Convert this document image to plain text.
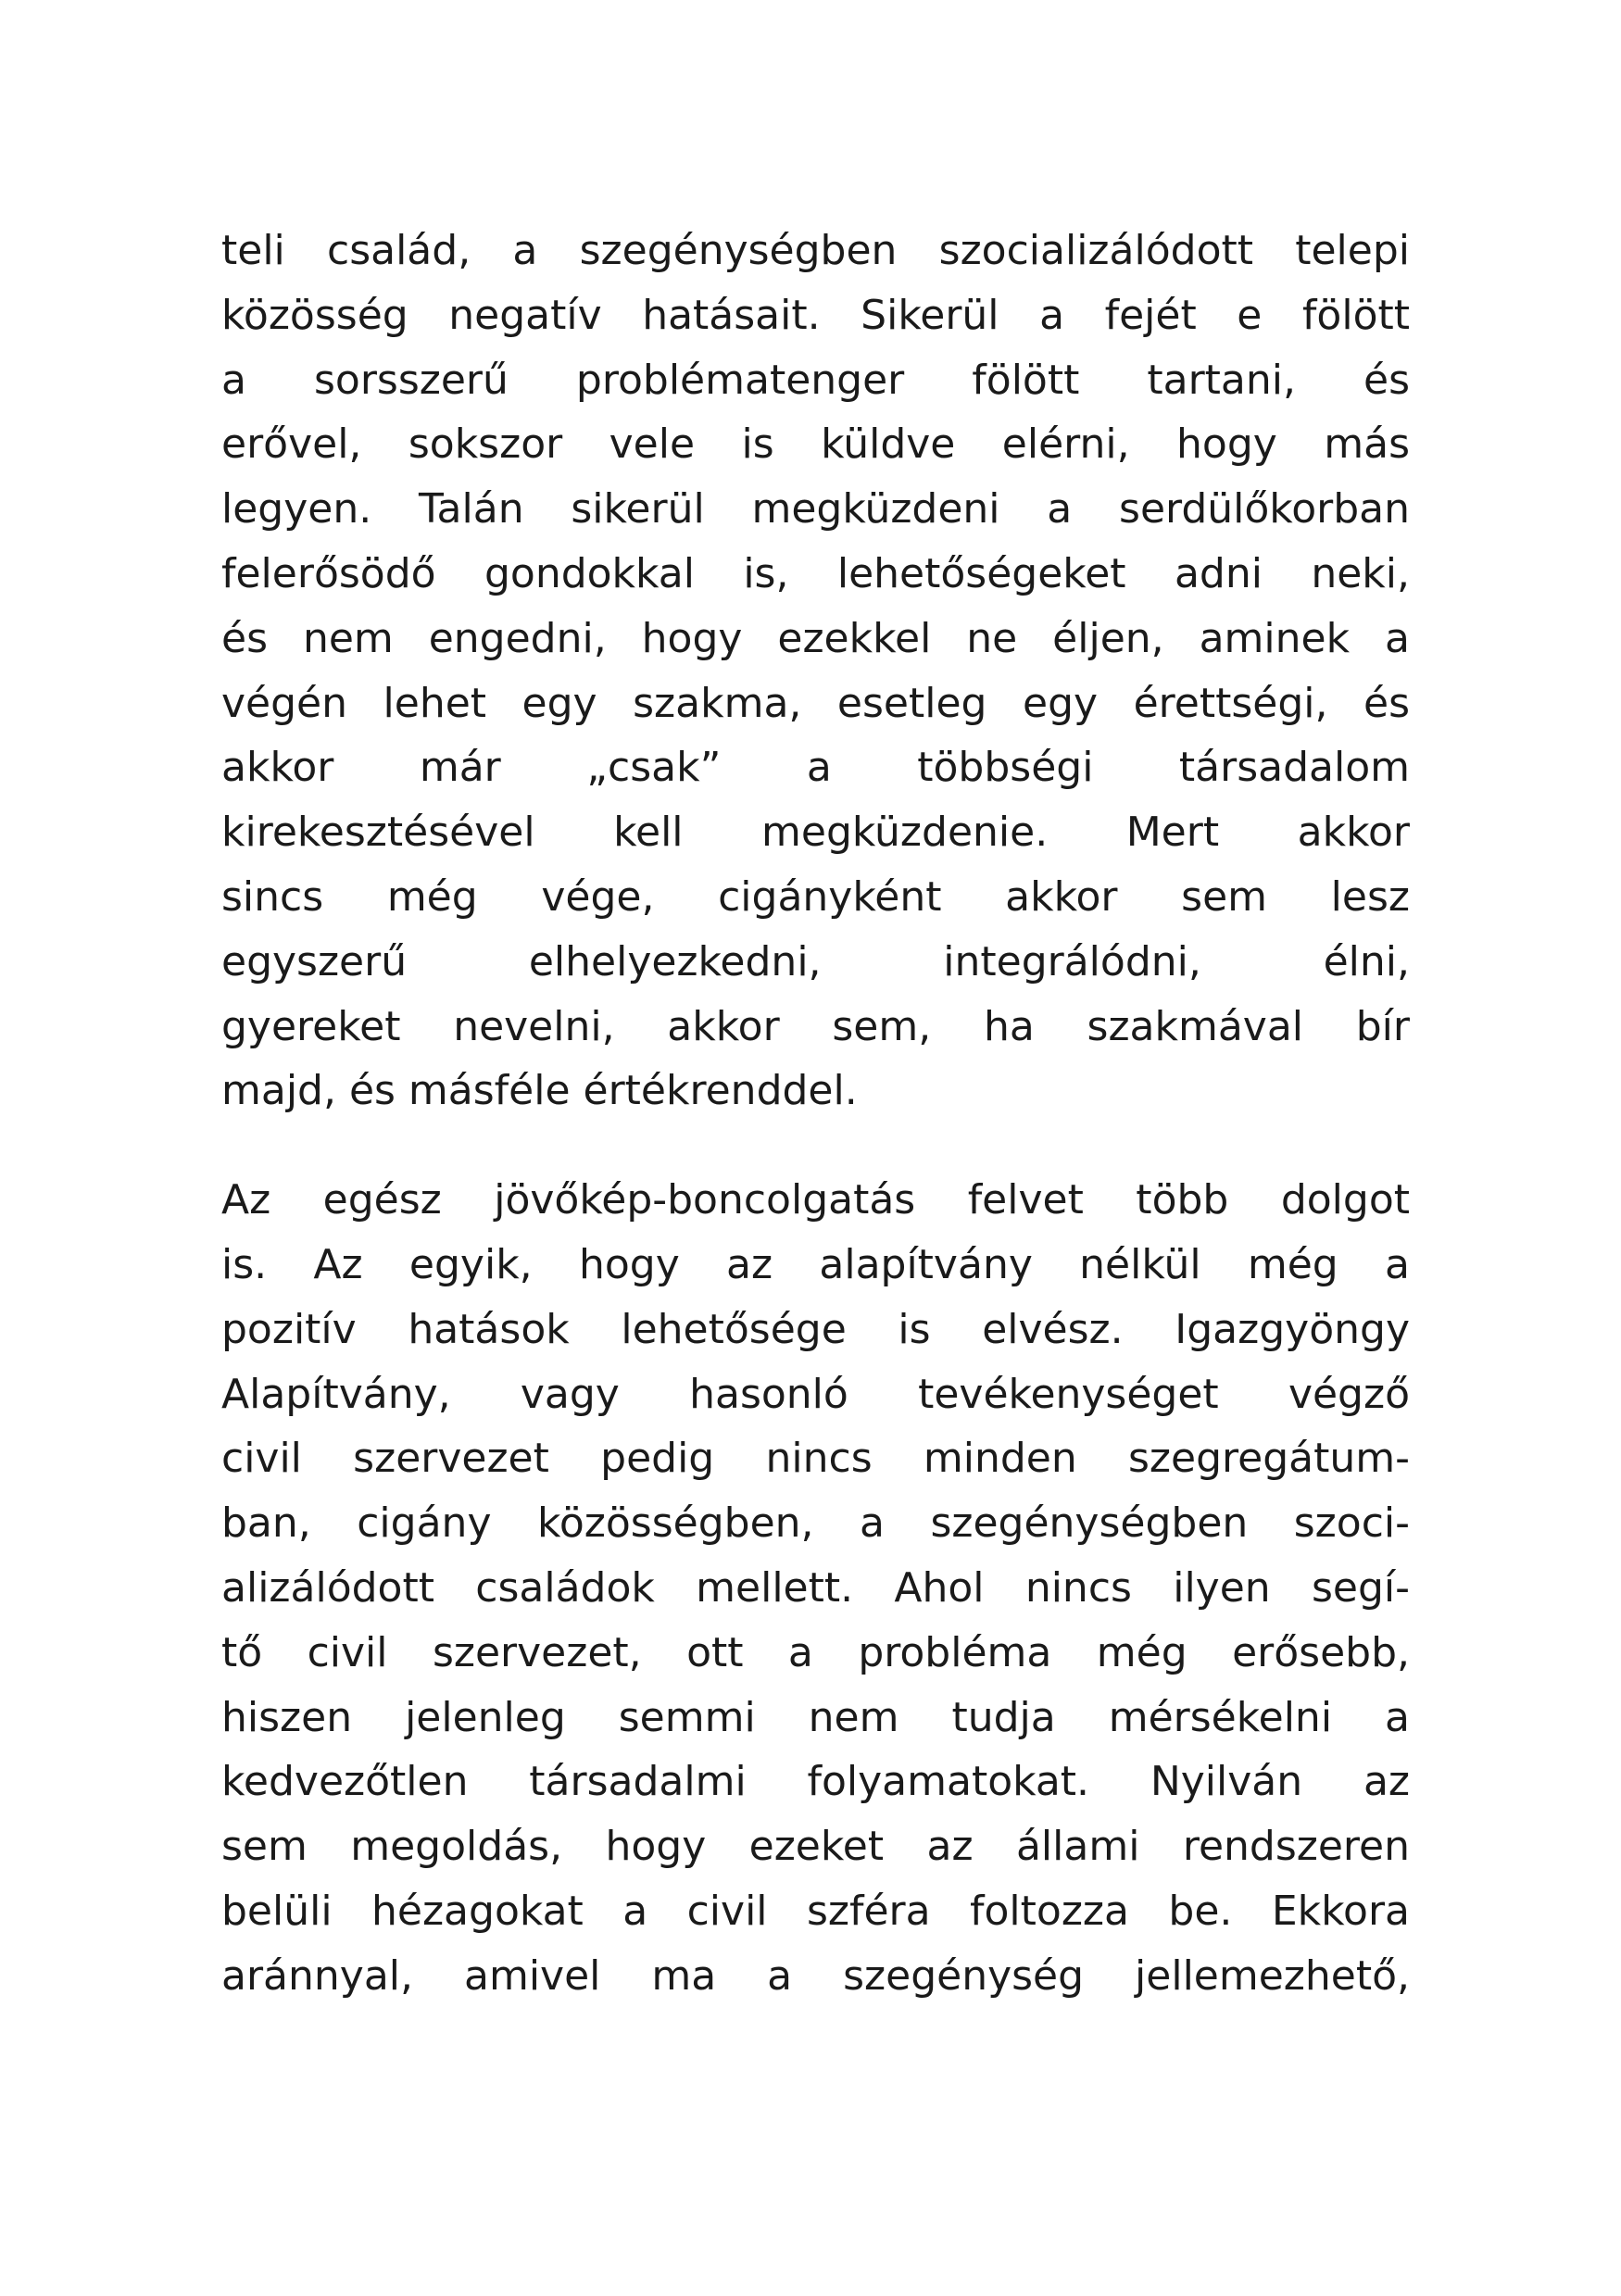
teli család, a szegénységben szocializálódott telepi
közösség negatív hatásait. Sikerül a fejét e fölött
a sorsszerű problématenger fölött tartani, és
erővel, sokszor vele is küldve elérni, hogy más
legyen. Talán sikerül megküzdeni a serdülőkorban
felerősödő gondokkal is, lehetőségeket adni neki,
és nem engedni, hogy ezekkel ne éljen, aminek a
végén lehet egy szakma, esetleg egy érettségi, és
akkor már „csak” a többségi társadalom
kirekesztésével kell megküzdenie. Mert akkor
sincs még vége, cigányként akkor sem lesz
egyszerű elhelyezkedni, integrálódni, élni,
gyereket nevelni, akkor sem, ha szakmával bír
majd, és másféle értékrenddel.
Az egész jövőkép-boncolgatás felvet több dolgot
is. Az egyik, hogy az alapítvány nélkül még a
pozitív hatások lehetősége is elvész. Igazgyöngy
Alapítvány, vagy hasonló tevékenységet végző
civil szervezet pedig nincs minden szegregátum-
ban, cigány közösségben, a szegénységben szoci-
alizálódott családok mellett. Ahol nincs ilyen segí-
tő civil szervezet, ott a probléma még erősebb,
hiszen jelenleg semmi nem tudja mérsékelni a
kedvezőtlen társadalmi folyamatokat. Nyilván az
sem megoldás, hogy ezeket az állami rendszeren
belüli hézagokat a civil szféra foltozza be. Ekkora
aránnyal, amivel ma a szegénység jellemezhető,
